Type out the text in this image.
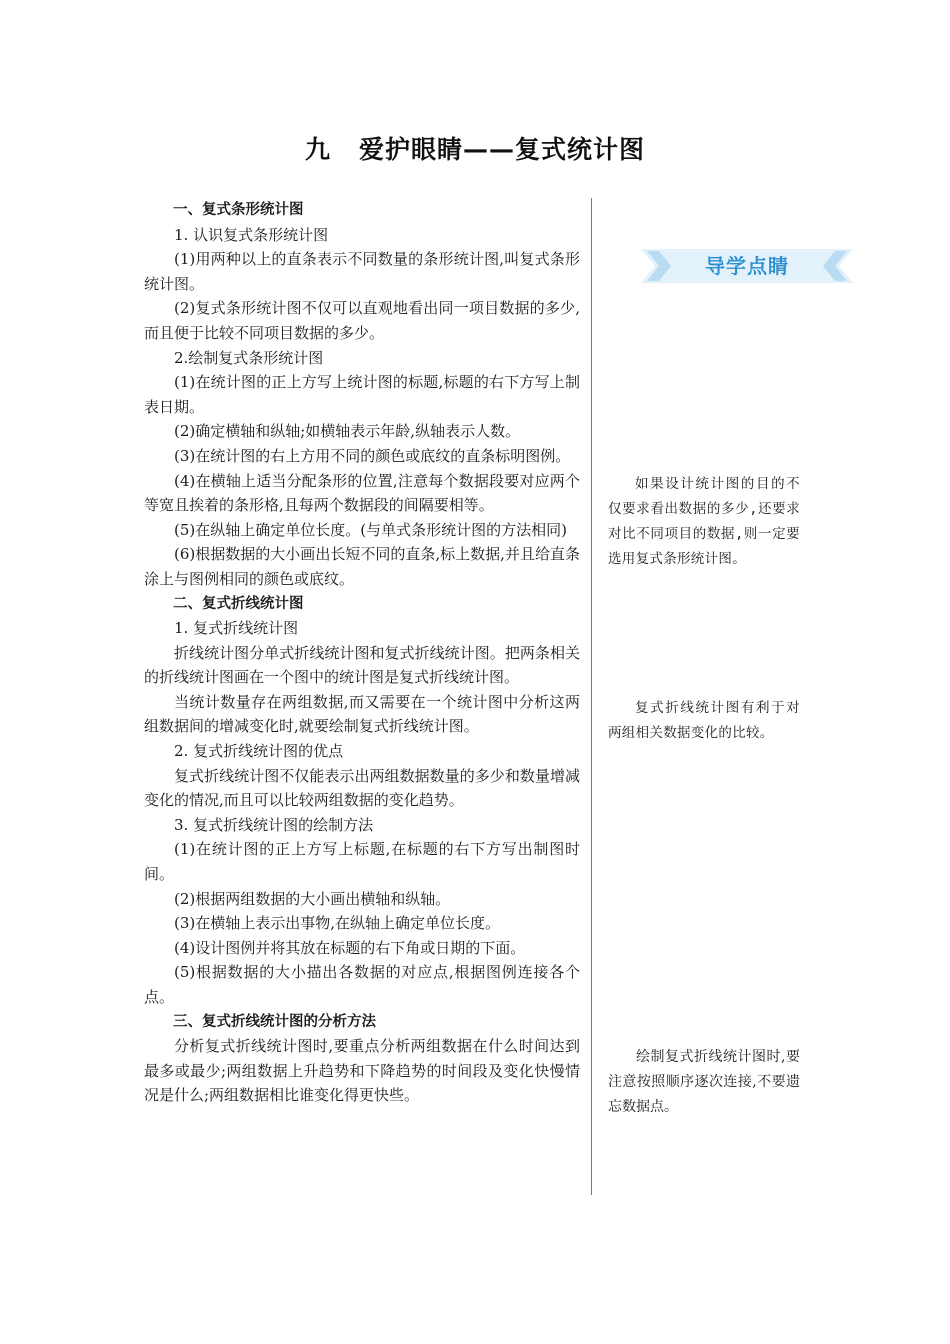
九 爱护眼睛——复式统计图

一、复式条形统计图

1. 认识复式条形统计图

(1)用两种以上的直条表示不同数量的条形统计图,叫复式条形统计图。

(2)复式条形统计图不仅可以直观地看出同一项目数据的多少,而且便于比较不同项目数据的多少。

2.绘制复式条形统计图

(1)在统计图的正上方写上统计图的标题,标题的右下方写上制表日期。

(2)确定横轴和纵轴;如横轴表示年龄,纵轴表示人数。

(3)在统计图的右上方用不同的颜色或底纹的直条标明图例。

(4)在横轴上适当分配条形的位置,注意每个数据段要对应两个等宽且挨着的条形格,且每两个数据段的间隔要相等。

(5)在纵轴上确定单位长度。(与单式条形统计图的方法相同)

(6)根据数据的大小画出长短不同的直条,标上数据,并且给直条涂上与图例相同的颜色或底纹。

二、复式折线统计图

1. 复式折线统计图

折线统计图分单式折线统计图和复式折线统计图。把两条相关的折线统计图画在一个图中的统计图是复式折线统计图。

当统计数量存在两组数据,而又需要在一个统计图中分析这两组数据间的增减变化时,就要绘制复式折线统计图。

2. 复式折线统计图的优点

复式折线统计图不仅能表示出两组数据数量的多少和数量增减变化的情况,而且可以比较两组数据的变化趋势。

3. 复式折线统计图的绘制方法

(1)在统计图的正上方写上标题,在标题的右下方写出制图时间。

(2)根据两组数据的大小画出横轴和纵轴。

(3)在横轴上表示出事物,在纵轴上确定单位长度。

(4)设计图例并将其放在标题的右下角或日期的下面。

(5)根据数据的大小描出各数据的对应点,根据图例连接各个点。

三、复式折线统计图的分析方法

分析复式折线统计图时,要重点分析两组数据在什么时间达到最多或最少;两组数据上升趋势和下降趋势的时间段及变化快慢情况是什么;两组数据相比谁变化得更快些。

导学点睛

如果设计统计图的目的不仅要求看出数据的多少,还要求对比不同项目的数据,则一定要选用复式条形统计图。

复式折线统计图有利于对两组相关数据变化的比较。

绘制复式折线统计图时,要注意按照顺序逐次连接,不要遗忘数据点。
